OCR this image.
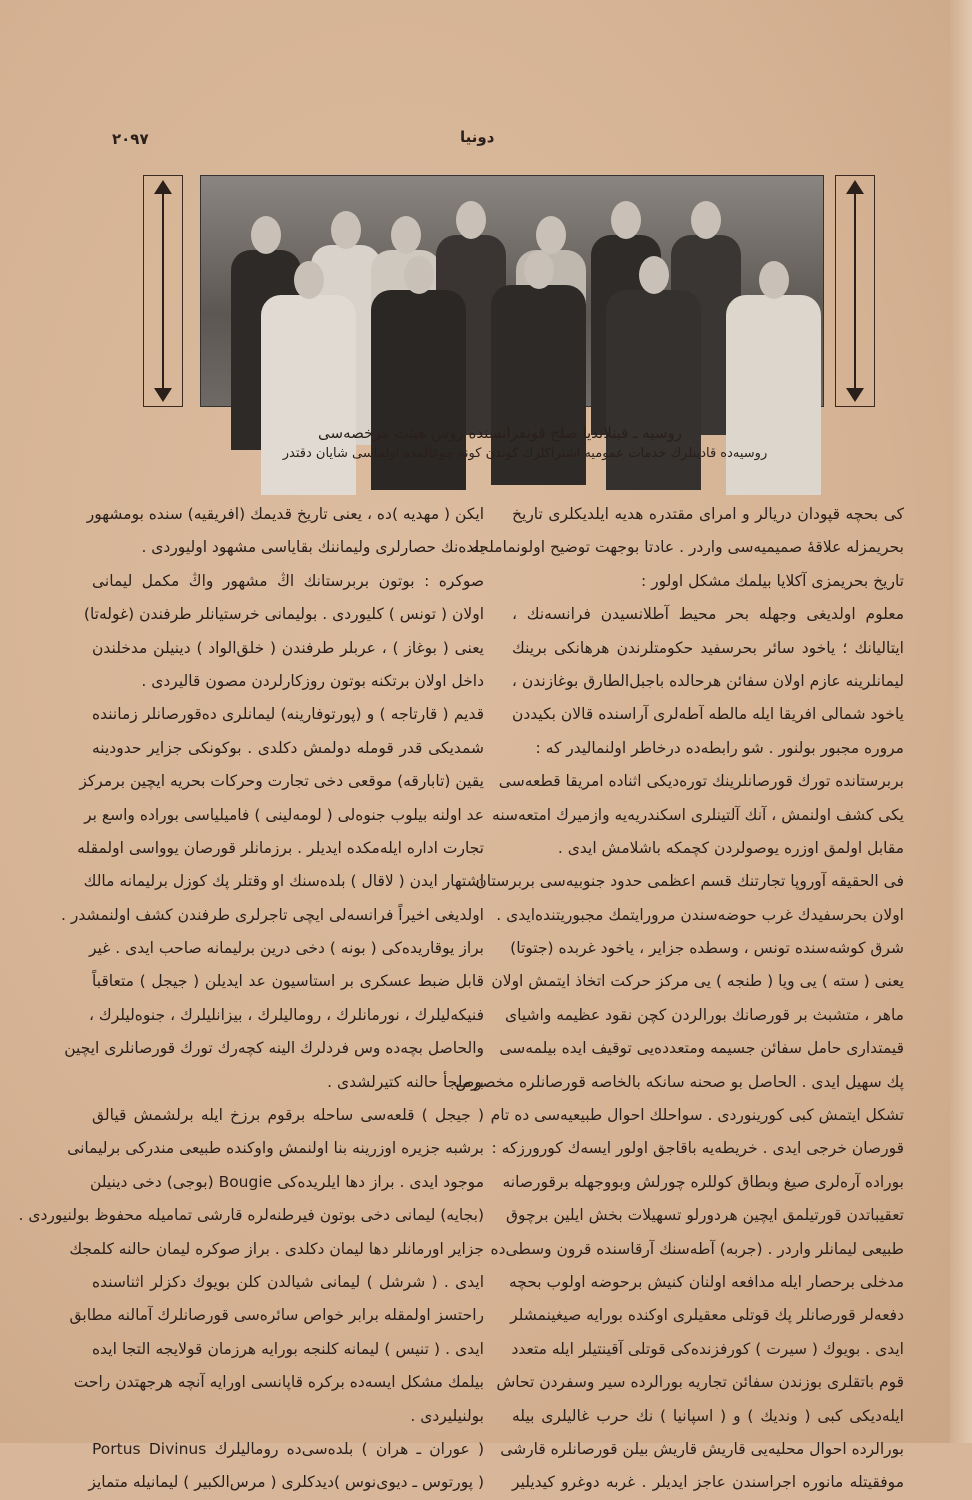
۲۰۹۷	دونیا
روسیه ـ فینلاندیا صلح قونفرانسنده روس هیئت مرخصه‌سی
روسیه‌ده قادینلرك خدمات عمومیه اشتراكلرك كوندن كونه چوغالمده اولماسی شایان دقتدر
كی بحچه قپودان دریالر و امرای مقتدره هدیه ایلدیكلری تاریخ
بحریمزله علاقه‌ٔ صمیمیه‌سی واردر . عادتا بوجهت توضیح اولونماملجه
تاریخ بحریمزی آكلایا بیلمك مشكل اولور :
معلوم اولدیغی وجهله بحر محیط آطلانسیدن فرانسه‌نك ،
ایتالیانك ؛ یاخود سائر بحرسفید حكومتلرندن هرهانكی برینك
لیمانلرینه عازم اولان سفائن هرحالده باجبل‌الطارق بوغازندن ،
یاخود شمالی افریقا ایله مالطه آطه‌لری آراسنده قالان بكیددن
مروره مجبور بولنور . شو رابطه‌ده درخاطر اولنمالیدر كه :
بربرستانده تورك قورصانلرینك توره‌دیكی اثناده امریقا قطعه‌سی
یكی كشف اولنمش ، آنك آلتینلری اسكندریه‌یه‌ وازمیرك امتعه‌سنه
مقابل اولمق اوزره یوصولردن كچمكه باشلامش ایدی .
فی الحقیقه آوروپا تجارتنك قسم اعظمی حدود جنوبیه‌سی بربرستان
اولان بحرسفیدك غرب حوضه‌سندن مرورایتمك مجبوریتنده‌ایدی .
شرق كوشه‌سنده تونس ، وسطده جزایر ، یاخود غربده (جتوتا)
یعنی ( سته ) یی ویا ( طنجه ) یی مركز حركت اتخاذ ایتمش اولان
ماهر ، متشبث بر قورصانك بورالردن كچن نقود عظیمه واشیای
قیمتداری حامل سفائن جسیمه ومتعدده‌یی توقیف ایده بیلمه‌سی
پك سهیل ایدی . الحاصل بو صحنه سانكه بالخاصه قورصانلره مخصوص
تشكل ایتمش كبی كورینوردی . سواحلك احوال طبیعیه‌سی ده تام
قورصان خرجی ایدی . خریطه‌یه باقاجق اولور ایسه‌ك كورورزكه :
بورادە آرەلری صیغ وبطاق كوللره چورلش وبووجهله برقورصانه
تعقیباتدن قورتیلمق ایچین هردورلو تسهیلات بخش ایلین برچوق
طبیعی لیمانلر واردر . (جربه) آطه‌سنك آرقاسنده قرون وسطی‌ده
مدخلی برحصار ایله مدافعه اولنان كنیش برحوضه اولوب بحچه
دفعه‌لر قورصانلر پك قوتلی معقیلری اوكنده بورایه صیغینمشلر
ایدی . بویوك ( سیرت ) كورفزنده‌كی قوتلی آقینتیلر ایله متعدد
قوم باتقلری بوزندن سفائن تجاریه بورالرده سیر وسفردن تحاش
ایله‌دیكی كبی ( وندیك ) و ( اسپانیا ) نك حرب غالیلری بیله
بورالرده احوال محلیه‌یی قاریش قاریش بیلن قورصانلره قارشی
موفقیتله مانوره اجراسندن عاجز ایدیلر . غربه دوغرو كیدیلیر
ایكن ( مهدیه )ده ، یعنی تاریخ قدیمك (افریقیه) سنده بومشهور
بلده‌نك حصارلری ولیماننك بقایاسی مشهود اولیوردی .
صوكره : بوتون بربرستانك اڭ مشهور واڭ مكمل لیمانی
اولان ( تونس ) كلیوردی . بولیمانی خرستیانلر طرفندن (غوله‌تا)
یعنی ( بوغاز ) ، عربلر طرفندن ( خلق‌الواد ) دینیلن مدخلندن
داخل اولان برتكنه بوتون روزكارلردن مصون قالیردی .
قدیم ( قارتاجه ) و (پورتوفارینه) لیمانلری ده‌قورصانلر زماننده
شمدیكی قدر قومله دولمش دكلدی . بوكونكی جزایر حدودینه
یقین (تابارقه) موقعی دخی تجارت وحركات بحریه ایچین برمركز
عد اولنه بیلوب جنوه‌لی ( لومه‌لینی ) فامیلیاسی بوراده واسع بر
تجارت اداره ایله‌مكده ایدیلر . برزمانلر قورصان یوواسی اولمقله
اشتهار ایدن ( لاقال ) بلده‌سنك او وقتلر پك كوزل برلیمانه مالك
اولدیغی اخیراً فرانسه‌لی ایچی تاجرلری طرفندن كشف اولنمشدر .
براز یوقاریده‌كی ( بونه ) دخی درین برلیمانه صاحب ایدی . غیر
قابل ضبط عسكری بر استاسیون عد ایدیلن ( جیجل ) متعاقباً
فنیكه‌لیلرك ، نورمانلرك ، رومالیلرك ، بیزانلیلرك ، جنوه‌لیلرك ،
والحاصل بچه‌ده‌ وس فردلرك الینه كچه‌رك تورك قورصانلری ایچین
برملجأ حالنه كتیرلشدی .
( جیجل ) قلعه‌سی ساحله برقوم برزخ ایله برلشمش قیالق
برشبه جزیره اوزرینه بنا اولنمش واوكنده طبیعی مندركی برلیمانی
موجود ایدی . براز دها ایلریده‌كی Bougie (بوجی) دخی دینیلن
(بجایه) لیمانی دخی بوتون فیرطنه‌لره قارشی تمامیله محفوظ بولنیوردی .
جزایر اورمانلر دها لیمان دكلدی . براز صوكره لیمان حالنه كلمجك
ایدی . ( شرشل ) لیمانی شیالدن كلن بویوك دكزلر اثناسنده
راحتسز اولمقله برابر خواص سائره‌سی قورصانلرك آمالنه مطابق
ایدی . ( تنیس ) لیمانه كلنجه بورایه هرزمان قولایجه التجا ایده
بیلمك مشكل ایسه‌ده بركره قاپانسی اورایه آنچه هرجهتدن راحت
بولنیلیردی .
( عوران ـ هران ) بلده‌سی‌ده رومالیلرك Portus Divinus
( پورتوس ـ دیوی‌نوس )دیدكلری ( مرس‌الكبیر ) لیمانیله متمایز
